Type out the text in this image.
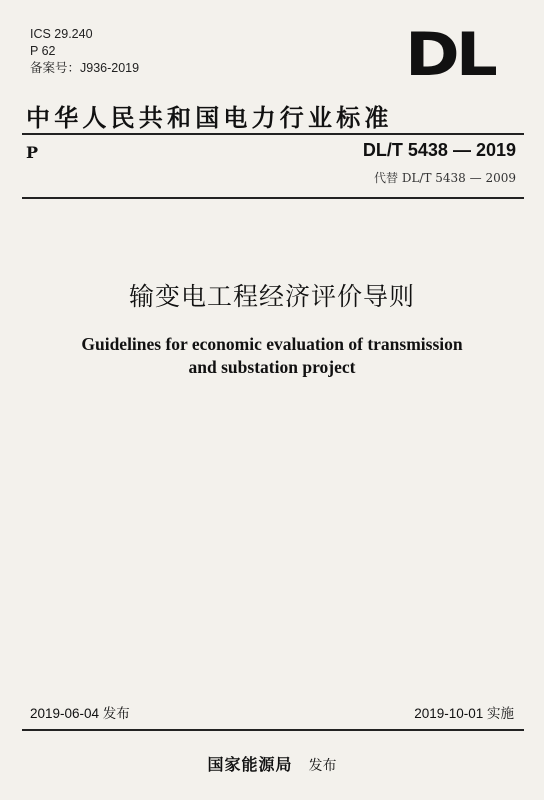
ICS 29.240
P 62
备案号：J936-2019	DL
中华人民共和国电力行业标准
P	DL/T 5438 — 2019
代替 DL/T 5438 — 2009
输变电工程经济评价导则
Guidelines for economic evaluation of transmission
and substation project
2019-06-04 发布	2019-10-01 实施
国家能源局 发布
